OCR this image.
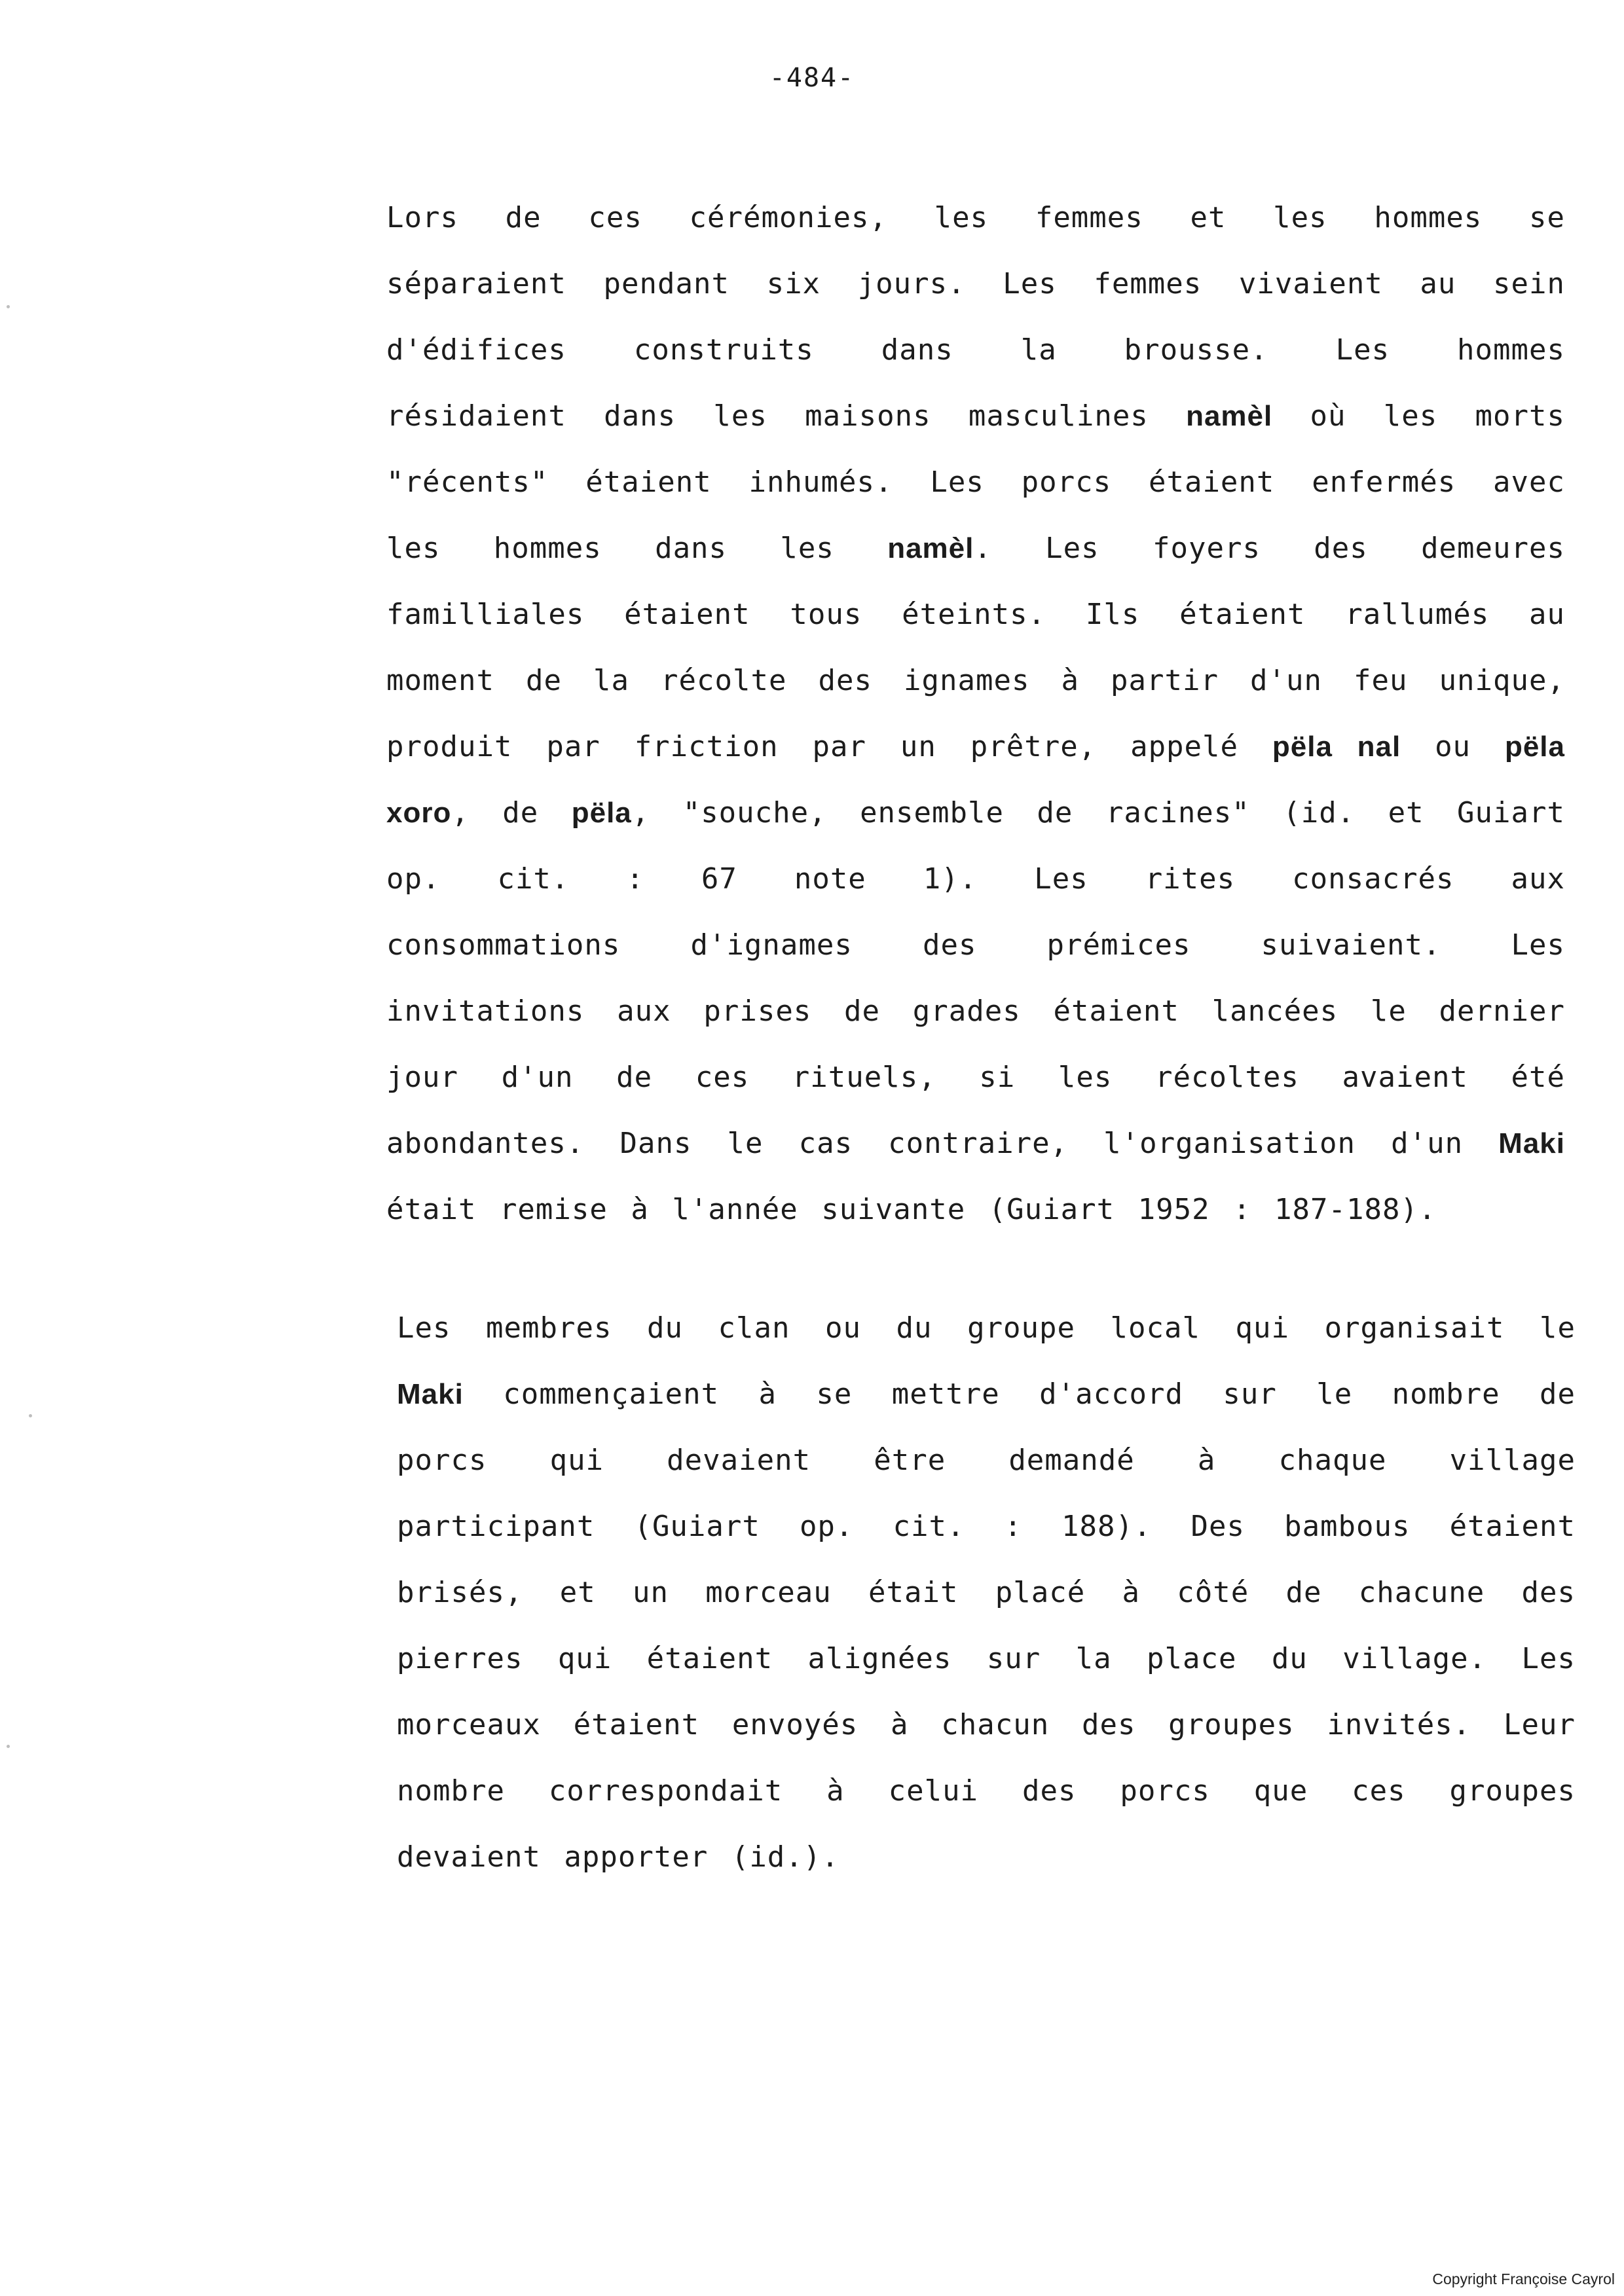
-484-
Lors de ces cérémonies, les femmes et les hommes se
séparaient pendant six jours. Les femmes vivaient au sein
d'édifices construits dans la brousse. Les hommes
résidaient dans les maisons masculines namèl où les morts
"récents" étaient inhumés. Les porcs étaient enfermés avec
les hommes dans les namèl. Les foyers des demeures
familliales étaient tous éteints. Ils étaient rallumés au
moment de la récolte des ignames à partir d'un feu unique,
produit par friction par un prêtre, appelé pëla nal ou pëla
xoro, de pëla, "souche, ensemble de racines" (id. et Guiart
op. cit. : 67 note 1). Les rites consacrés aux
consommations d'ignames des prémices suivaient. Les
invitations aux prises de grades étaient lancées le dernier
jour d'un de ces rituels, si les récoltes avaient été
abondantes. Dans le cas contraire, l'organisation d'un Maki
était remise à l'année suivante (Guiart 1952 : 187-188).
Les membres du clan ou du groupe local qui organisait le
Maki commençaient à se mettre d'accord sur le nombre de
porcs qui devaient être demandé à chaque village
participant (Guiart op. cit. : 188). Des bambous étaient
brisés, et un morceau était placé à côté de chacune des
pierres qui étaient alignées sur la place du village. Les
morceaux étaient envoyés à chacun des groupes invités. Leur
nombre correspondait à celui des porcs que ces groupes
devaient apporter (id.).
Copyright Françoise Cayrol
